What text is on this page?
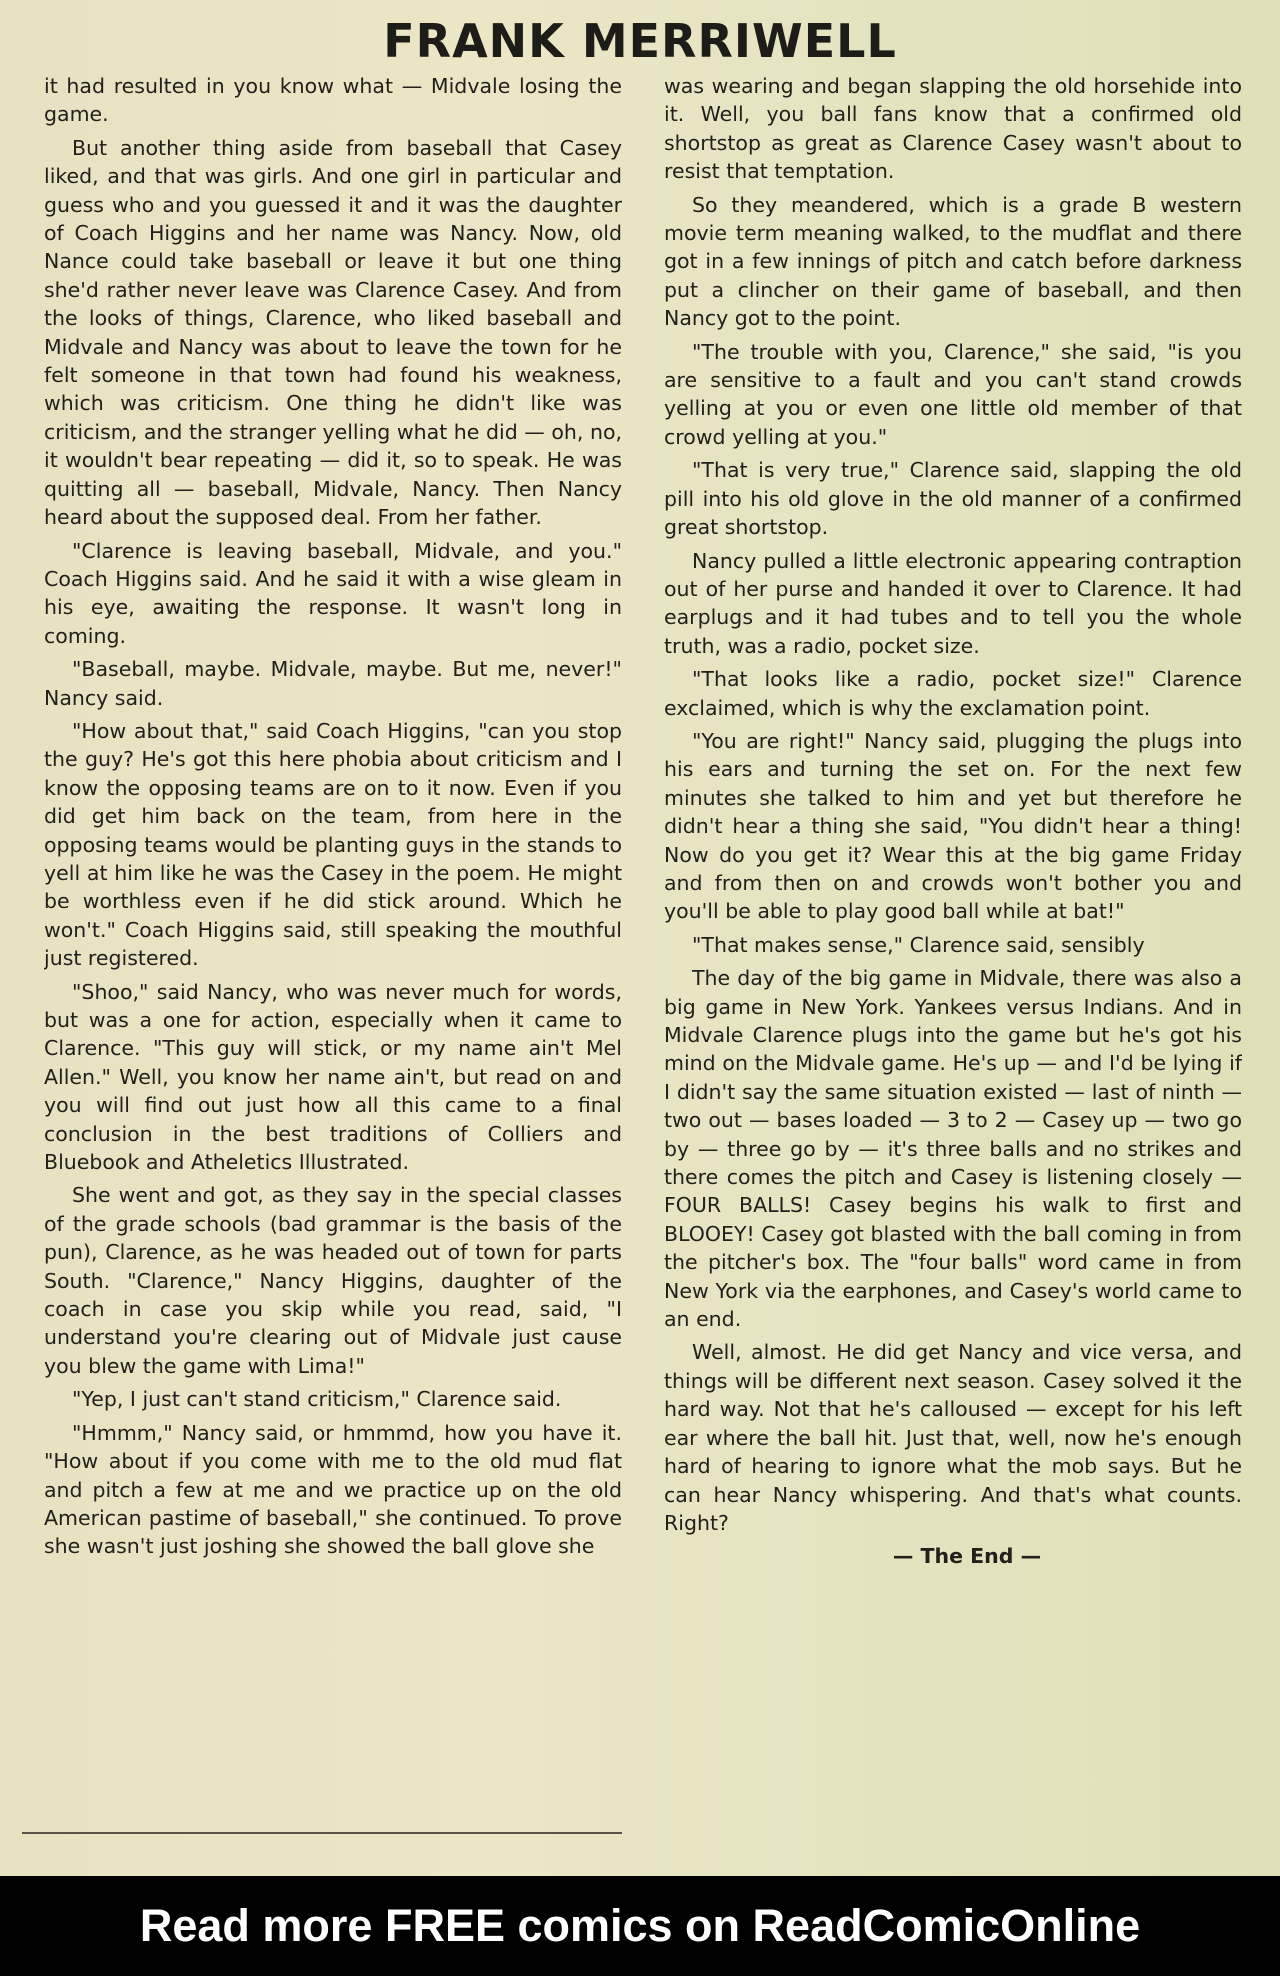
FRANK MERRIWELL

it had resulted in you know what — Midvale losing the game.

But another thing aside from baseball that Casey liked, and that was girls. And one girl in particular and guess who and you guessed it and it was the daughter of Coach Higgins and her name was Nancy. Now, old Nance could take baseball or leave it but one thing she'd rather never leave was Clarence Casey. And from the looks of things, Clarence, who liked baseball and Midvale and Nancy was about to leave the town for he felt someone in that town had found his weakness, which was criticism. One thing he didn't like was criticism, and the stranger yelling what he did — oh, no, it wouldn't bear repeating — did it, so to speak. He was quitting all — baseball, Midvale, Nancy. Then Nancy heard about the supposed deal. From her father.

"Clarence is leaving baseball, Midvale, and you." Coach Higgins said. And he said it with a wise gleam in his eye, awaiting the response. It wasn't long in coming.

"Baseball, maybe. Midvale, maybe. But me, never!" Nancy said.

"How about that," said Coach Higgins, "can you stop the guy? He's got this here phobia about criticism and I know the opposing teams are on to it now. Even if you did get him back on the team, from here in the opposing teams would be planting guys in the stands to yell at him like he was the Casey in the poem. He might be worthless even if he did stick around. Which he won't." Coach Higgins said, still speaking the mouthful just registered.

"Shoo," said Nancy, who was never much for words, but was a one for action, especially when it came to Clarence. "This guy will stick, or my name ain't Mel Allen." Well, you know her name ain't, but read on and you will find out just how all this came to a final conclusion in the best traditions of Colliers and Bluebook and Atheletics Illustrated.

She went and got, as they say in the special classes of the grade schools (bad grammar is the basis of the pun), Clarence, as he was headed out of town for parts South. "Clarence," Nancy Higgins, daughter of the coach in case you skip while you read, said, "I understand you're clearing out of Midvale just cause you blew the game with Lima!"

"Yep, I just can't stand criticism," Clarence said.

"Hmmm," Nancy said, or hmmmd, how you have it. "How about if you come with me to the old mud flat and pitch a few at me and we practice up on the old American pastime of baseball," she continued. To prove she wasn't just joshing she showed the ball glove she

was wearing and began slapping the old horsehide into it. Well, you ball fans know that a confirmed old shortstop as great as Clarence Casey wasn't about to resist that temptation.

So they meandered, which is a grade B western movie term meaning walked, to the mudflat and there got in a few innings of pitch and catch before darkness put a clincher on their game of baseball, and then Nancy got to the point.

"The trouble with you, Clarence," she said, "is you are sensitive to a fault and you can't stand crowds yelling at you or even one little old member of that crowd yelling at you."

"That is very true," Clarence said, slapping the old pill into his old glove in the old manner of a confirmed great shortstop.

Nancy pulled a little electronic appearing contraption out of her purse and handed it over to Clarence. It had earplugs and it had tubes and to tell you the whole truth, was a radio, pocket size.

"That looks like a radio, pocket size!" Clarence exclaimed, which is why the exclamation point.

"You are right!" Nancy said, plugging the plugs into his ears and turning the set on. For the next few minutes she talked to him and yet but therefore he didn't hear a thing she said, "You didn't hear a thing! Now do you get it? Wear this at the big game Friday and from then on and crowds won't bother you and you'll be able to play good ball while at bat!"

"That makes sense," Clarence said, sensibly

The day of the big game in Midvale, there was also a big game in New York. Yankees versus Indians. And in Midvale Clarence plugs into the game but he's got his mind on the Midvale game. He's up — and I'd be lying if I didn't say the same situation existed — last of ninth — two out — bases loaded — 3 to 2 — Casey up — two go by — three go by — it's three balls and no strikes and there comes the pitch and Casey is listening closely — FOUR BALLS! Casey begins his walk to first and BLOOEY! Casey got blasted with the ball coming in from the pitcher's box. The "four balls" word came in from New York via the earphones, and Casey's world came to an end.

Well, almost. He did get Nancy and vice versa, and things will be different next season. Casey solved it the hard way. Not that he's calloused — except for his left ear where the ball hit. Just that, well, now he's enough hard of hearing to ignore what the mob says. But he can hear Nancy whispering. And that's what counts. Right?

— The End —

Read more FREE comics on ReadComicOnline
